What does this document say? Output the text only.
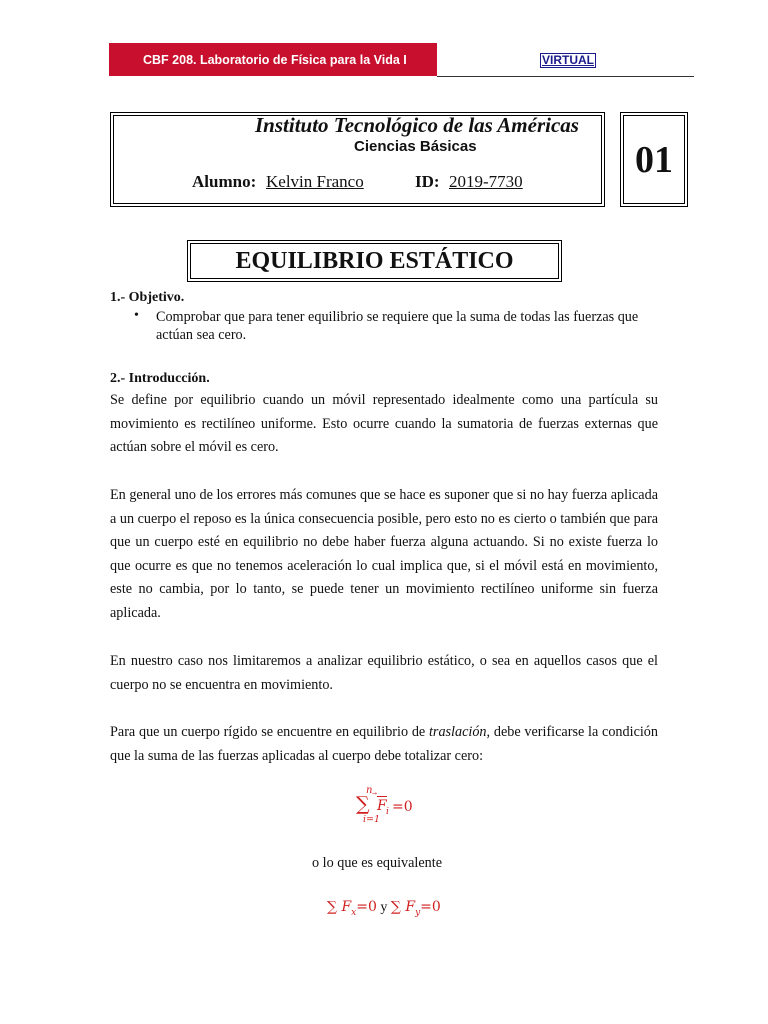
CBF 208. Laboratorio de Física para la Vida I	VIRTUAL
Instituto Tecnológico de las Américas
Ciencias Básicas
Alumno: Kelvin Franco	ID: 2019-7730
01
EQUILIBRIO ESTÁTICO
1.- Objetivo.
• Comprobar que para tener equilibrio se requiere que la suma de todas las fuerzas que actúan sea cero.
2.- Introducción.

Se define por equilibrio cuando un móvil representado idealmente como una partícula su movimiento es rectilíneo uniforme. Esto ocurre cuando la sumatoria de fuerzas externas que actúan sobre el móvil es cero.

En general uno de los errores más comunes que se hace es suponer que si no hay fuerza aplicada a un cuerpo el reposo es la única consecuencia posible, pero esto no es cierto o también que para que un cuerpo esté en equilibrio no debe haber fuerza alguna actuando. Si no existe fuerza lo que ocurre es que no tenemos aceleración lo cual implica que, si el móvil está en movimiento, este no cambia, por lo tanto, se puede tener un movimiento rectilíneo uniforme sin fuerza aplicada.

En nuestro caso nos limitaremos a analizar equilibrio estático, o sea en aquellos casos que el cuerpo no se encuentra en movimiento.

Para que un cuerpo rígido se encuentre en equilibrio de traslación, debe verificarse la condición que la suma de las fuerzas aplicadas al cuerpo debe totalizar cero:

n
∑
i=1
F i =0
o lo que es equivalente
∑ $F_x=0$ y ∑ $F_y=0$
